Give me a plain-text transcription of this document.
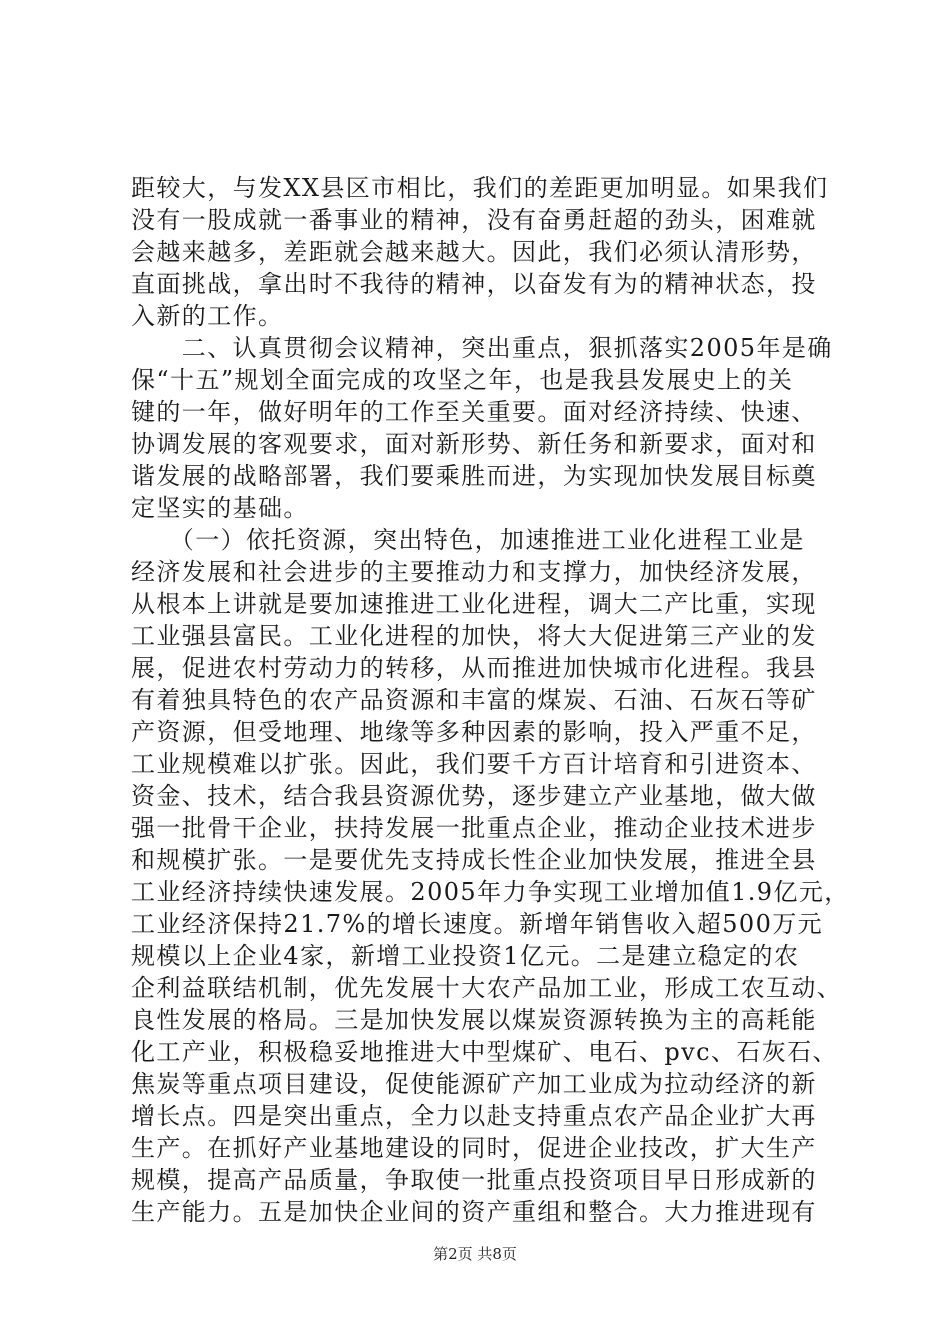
距较大，与发XX县区市相比，我们的差距更加明显。如果我们
没有一股成就一番事业的精神，没有奋勇赶超的劲头，困难就
会越来越多，差距就会越来越大。因此，我们必须认清形势，
直面挑战，拿出时不我待的精神，以奋发有为的精神状态，投
入新的工作。
　　二、认真贯彻会议精神，突出重点，狠抓落实2005年是确
保“十五”规划全面完成的攻坚之年，也是我县发展史上的关
键的一年，做好明年的工作至关重要。面对经济持续、快速、
协调发展的客观要求，面对新形势、新任务和新要求，面对和
谐发展的战略部署，我们要乘胜而进，为实现加快发展目标奠
定坚实的基础。
　　（一）依托资源，突出特色，加速推进工业化进程工业是
经济发展和社会进步的主要推动力和支撑力，加快经济发展，
从根本上讲就是要加速推进工业化进程，调大二产比重，实现
工业强县富民。工业化进程的加快，将大大促进第三产业的发
展，促进农村劳动力的转移，从而推进加快城市化进程。我县
有着独具特色的农产品资源和丰富的煤炭、石油、石灰石等矿
产资源，但受地理、地缘等多种因素的影响，投入严重不足，
工业规模难以扩张。因此，我们要千方百计培育和引进资本、
资金、技术，结合我县资源优势，逐步建立产业基地，做大做
强一批骨干企业，扶持发展一批重点企业，推动企业技术进步
和规模扩张。一是要优先支持成长性企业加快发展，推进全县
工业经济持续快速发展。2005年力争实现工业增加值1.9亿元，
工业经济保持21.7%的增长速度。新增年销售收入超500万元
规模以上企业4家，新增工业投资1亿元。二是建立稳定的农
企利益联结机制，优先发展十大农产品加工业，形成工农互动、
良性发展的格局。三是加快发展以煤炭资源转换为主的高耗能
化工产业，积极稳妥地推进大中型煤矿、电石、pvc、石灰石、
焦炭等重点项目建设，促使能源矿产加工业成为拉动经济的新
增长点。四是突出重点，全力以赴支持重点农产品企业扩大再
生产。在抓好产业基地建设的同时，促进企业技改，扩大生产
规模，提高产品质量，争取使一批重点投资项目早日形成新的
生产能力。五是加快企业间的资产重组和整合。大力推进现有
第2页 共8页
